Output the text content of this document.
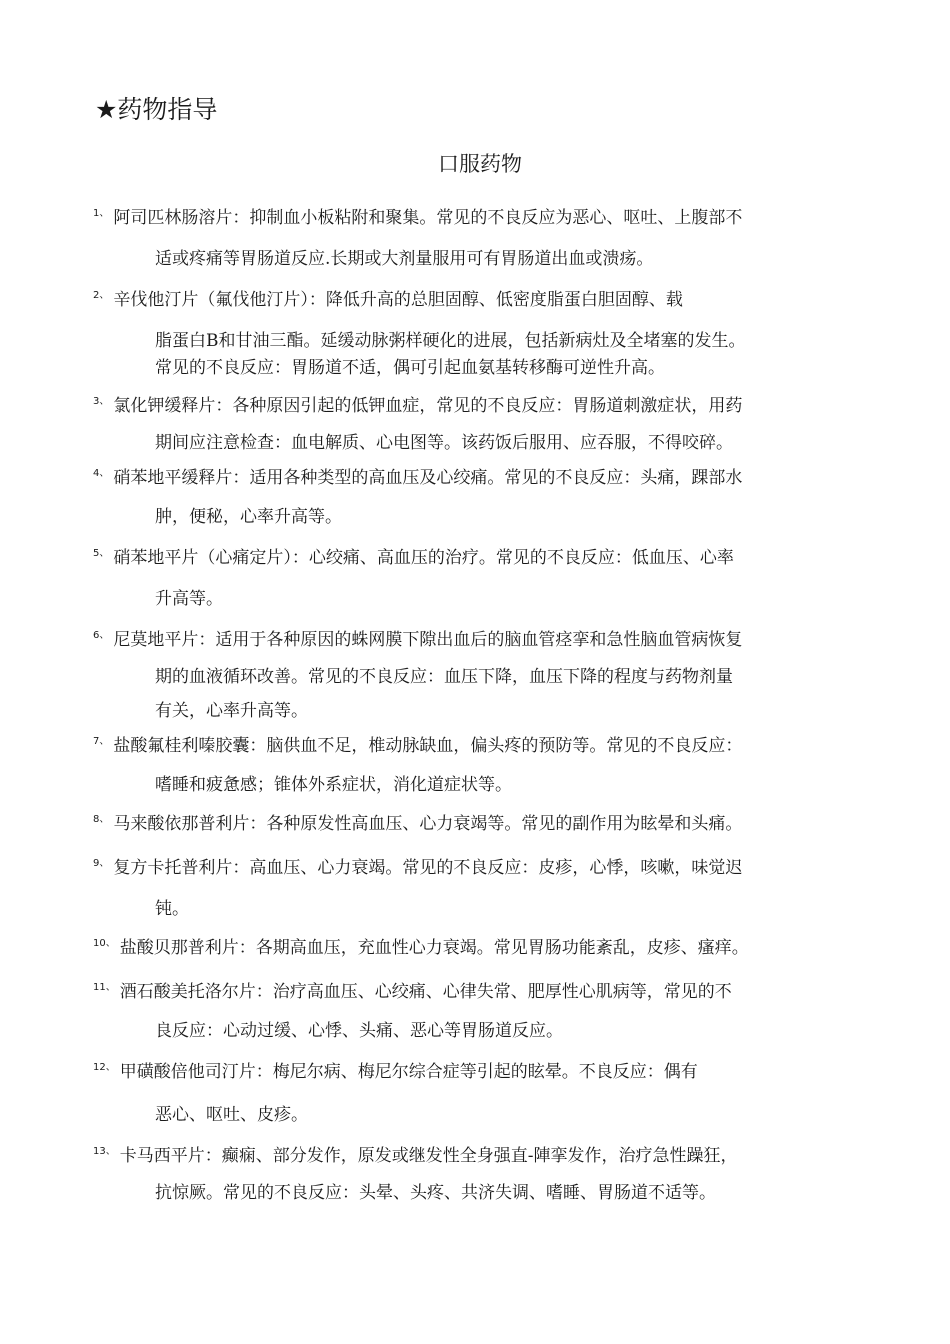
★药物指导
口服药物
$^{1、}$ 阿司匹林肠溶片：抑制血小板粘附和聚集。常见的不良反应为恶心、呕吐、上腹部不
适或疼痛等胃肠道反应.长期或大剂量服用可有胃肠道出血或溃疡。
$^{2、}$ 辛伐他汀片（氟伐他汀片）：降低升高的总胆固醇、低密度脂蛋白胆固醇、载
脂蛋白B和甘油三酯。延缓动脉粥样硬化的进展，包括新病灶及全堵塞的发生。
常见的不良反应：胃肠道不适，偶可引起血氨基转移酶可逆性升高。
$^{3、}$ 氯化钾缓释片：各种原因引起的低钾血症，常见的不良反应：胃肠道刺激症状，用药
期间应注意检查：血电解质、心电图等。该药饭后服用、应吞服，不得咬碎。
$^{4、}$ 硝苯地平缓释片：适用各种类型的高血压及心绞痛。常见的不良反应：头痛，踝部水
肿，便秘，心率升高等。
$^{5、}$ 硝苯地平片（心痛定片）：心绞痛、高血压的治疗。常见的不良反应：低血压、心率
升高等。
$^{6、}$ 尼莫地平片：适用于各种原因的蛛网膜下隙出血后的脑血管痉挛和急性脑血管病恢复
期的血液循环改善。常见的不良反应：血压下降，血压下降的程度与药物剂量
有关，心率升高等。
$^{7、}$ 盐酸氟桂利嗪胶囊：脑供血不足，椎动脉缺血，偏头疼的预防等。常见的不良反应：
嗜睡和疲惫感；锥体外系症状，消化道症状等。
$^{8、}$ 马来酸依那普利片：各种原发性高血压、心力衰竭等。常见的副作用为眩晕和头痛。
$^{9、}$ 复方卡托普利片：高血压、心力衰竭。常见的不良反应：皮疹，心悸，咳嗽，味觉迟
钝。
$^{10、}$ 盐酸贝那普利片：各期高血压，充血性心力衰竭。常见胃肠功能紊乱，皮疹、瘙痒。
$^{11、}$ 酒石酸美托洛尔片：治疗高血压、心绞痛、心律失常、肥厚性心肌病等，常见的不
良反应：心动过缓、心悸、头痛、恶心等胃肠道反应。
$^{12、}$ 甲磺酸倍他司汀片：梅尼尔病、梅尼尔综合症等引起的眩晕。不良反应：偶有
恶心、呕吐、皮疹。
$^{13、}$ 卡马西平片：癫痫、部分发作，原发或继发性全身强直-陣挛发作，治疗急性躁狂，
抗惊厥。常见的不良反应：头晕、头疼、共济失调、嗜睡、胃肠道不适等。
